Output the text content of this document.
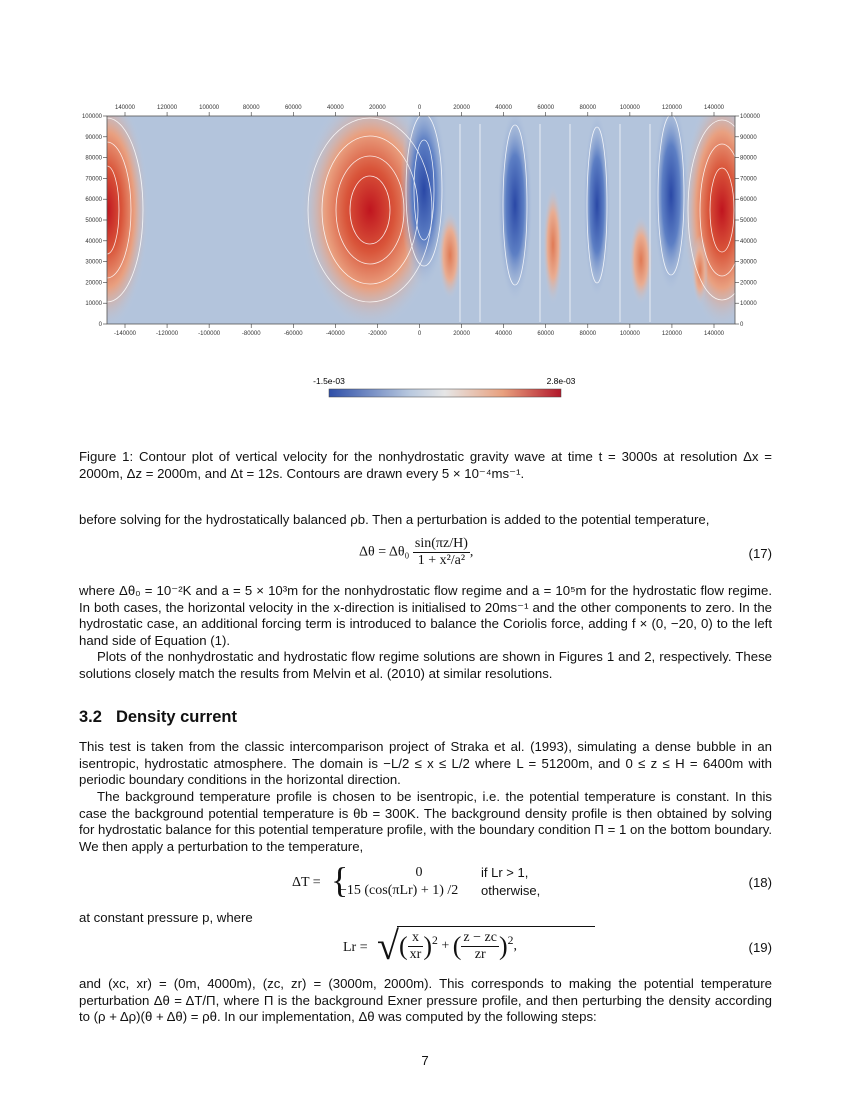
140000	120000	100000	80000	60000	40000	20000	0	20000	40000	60000	80000	100000	120000	140000
-140000	-120000	-100000	-80000	-60000	-40000	-20000	0	20000	40000	60000	80000	100000	120000	140000
100000	100000
90000	90000
80000	80000
70000	70000
60000	60000
50000	50000
40000	40000
30000	30000
20000	20000
10000	10000
0	0
-1.5e-03	2.8e-03

Figure 1: Contour plot of vertical velocity for the nonhydrostatic gravity wave at time t = 3000s at resolution Δx = 2000m, Δz = 2000m, and Δt = 12s. Contours are drawn every 5 × 10⁻⁴ms⁻¹.

before solving for the hydrostatically balanced ρb. Then a perturbation is added to the potential temperature,

$\Delta\theta = \Delta\theta_0 \frac{\sin(\pi z/H)}{\text{1 + x²/a²}}$ ,	(17)

where Δθ₀ = 10⁻²K and a = 5 × 10³m for the nonhydrostatic flow regime and a = 10⁵m for the hydrostatic flow regime. In both cases, the horizontal velocity in the x-direction is initialised to 20ms⁻¹ and the other components to zero. In the hydrostatic case, an additional forcing term is introduced to balance the Coriolis force, adding f × (0, −20, 0) to the left hand side of Equation (1).

Plots of the nonhydrostatic and hydrostatic flow regime solutions are shown in Figures 1 and 2, respectively. These solutions closely match the results from Melvin et al. (2010) at similar resolutions.

3.2 Density current

This test is taken from the classic intercomparison project of Straka et al. (1993), simulating a dense bubble in an isentropic, hydrostatic atmosphere. The domain is −L/2 ≤ x ≤ L/2 where L = 51200m, and 0 ≤ z ≤ H = 6400m with periodic boundary conditions in the horizontal direction.

The background temperature profile is chosen to be isentropic, i.e. the potential temperature is constant. In this case the background potential temperature is θb = 300K. The background density profile is then obtained by solving for hydrostatic balance for this potential temperature profile, with the boundary condition Π = 1 on the bottom boundary. We then apply a perturbation to the temperature,

ΔT = {	0	if Lr > 1,
−15 (cos(πLr) + 1) /2 otherwise,
(18)

at constant pressure p, where

Lr = √ ( $\frac{x}{xr} )^2$ + ( $\frac{z - zc}{zr} )^2$,	(19)

and (xc, xr) = (0m, 4000m), (zc, zr) = (3000m, 2000m). This corresponds to making the potential temperature perturbation Δθ = ΔT/Π, where Π is the background Exner pressure profile, and then perturbing the density according to (ρ + Δρ)(θ + Δθ) = ρθ. In our implementation, Δθ was computed by the following steps:

7
